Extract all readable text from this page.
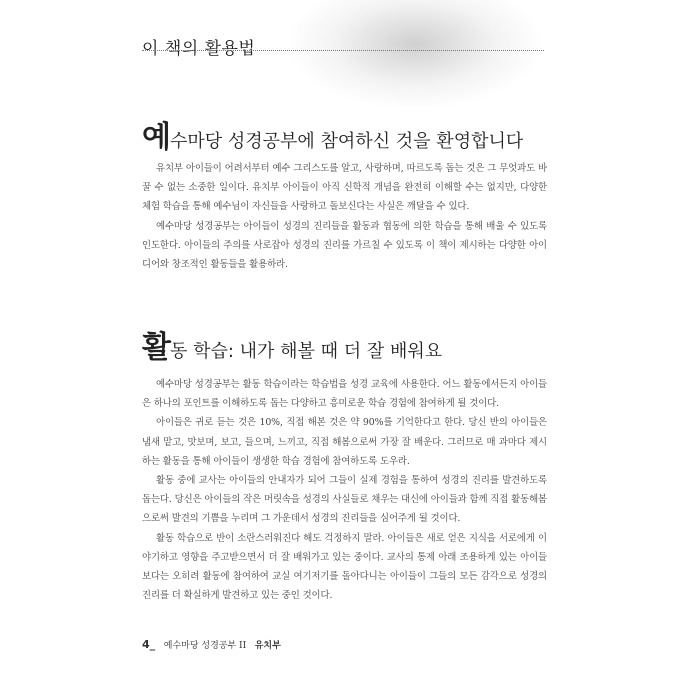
이 책의 활용법
예수마당 성경공부에 참여하신 것을 환영합니다

유치부 아이들이 어려서부터 예수 그리스도를 알고, 사랑하며, 따르도록 돕는 것은 그 무엇과도 바꿀 수 없는 소중한 일이다. 유치부 아이들이 아직 신학적 개념을 완전히 이해할 수는 없지만, 다양한 체험 학습을 통해 예수님이 자신들을 사랑하고 돌보신다는 사실은 깨달을 수 있다.

예수마당 성경공부는 아이들이 성경의 진리들을 활동과 협동에 의한 학습을 통해 배울 수 있도록 인도한다. 아이들의 주의를 사로잡아 성경의 진리를 가르칠 수 있도록 이 책이 제시하는 다양한 아이디어와 창조적인 활동들을 활용하라.

활동 학습: 내가 해볼 때 더 잘 배워요

예수마당 성경공부는 활동 학습이라는 학습법을 성경 교육에 사용한다. 어느 활동에서든지 아이들은 하나의 포인트를 이해하도록 돕는 다양하고 흥미로운 학습 경험에 참여하게 될 것이다.

아이들은 귀로 듣는 것은 10%, 직접 해본 것은 약 90%를 기억한다고 한다. 당신 반의 아이들은 냄새 맡고, 맛보며, 보고, 들으며, 느끼고, 직접 해봄으로써 가장 잘 배운다. 그러므로 매 과마다 제시하는 활동을 통해 아이들이 생생한 학습 경험에 참여하도록 도우라.

활동 중에 교사는 아이들의 안내자가 되어 그들이 실제 경험을 통하여 성경의 진리를 발견하도록 돕는다. 당신은 아이들의 작은 머릿속을 성경의 사실들로 채우는 대신에 아이들과 함께 직접 활동해봄으로써 발견의 기쁨을 누리며 그 가운데서 성경의 진리들을 심어주게 될 것이다.

활동 학습으로 반이 소란스러워진다 해도 걱정하지 말라. 아이들은 새로 얻은 지식을 서로에게 이야기하고 영향을 주고받으면서 더 잘 배워가고 있는 중이다. 교사의 통제 아래 조용하게 있는 아이들보다는 오히려 활동에 참여하여 교실 여기저기를 돌아다니는 아이들이 그들의 모든 감각으로 성경의 진리를 더 확실하게 발견하고 있는 중인 것이다.

4_ 예수마당 성경공부 II 유치부
